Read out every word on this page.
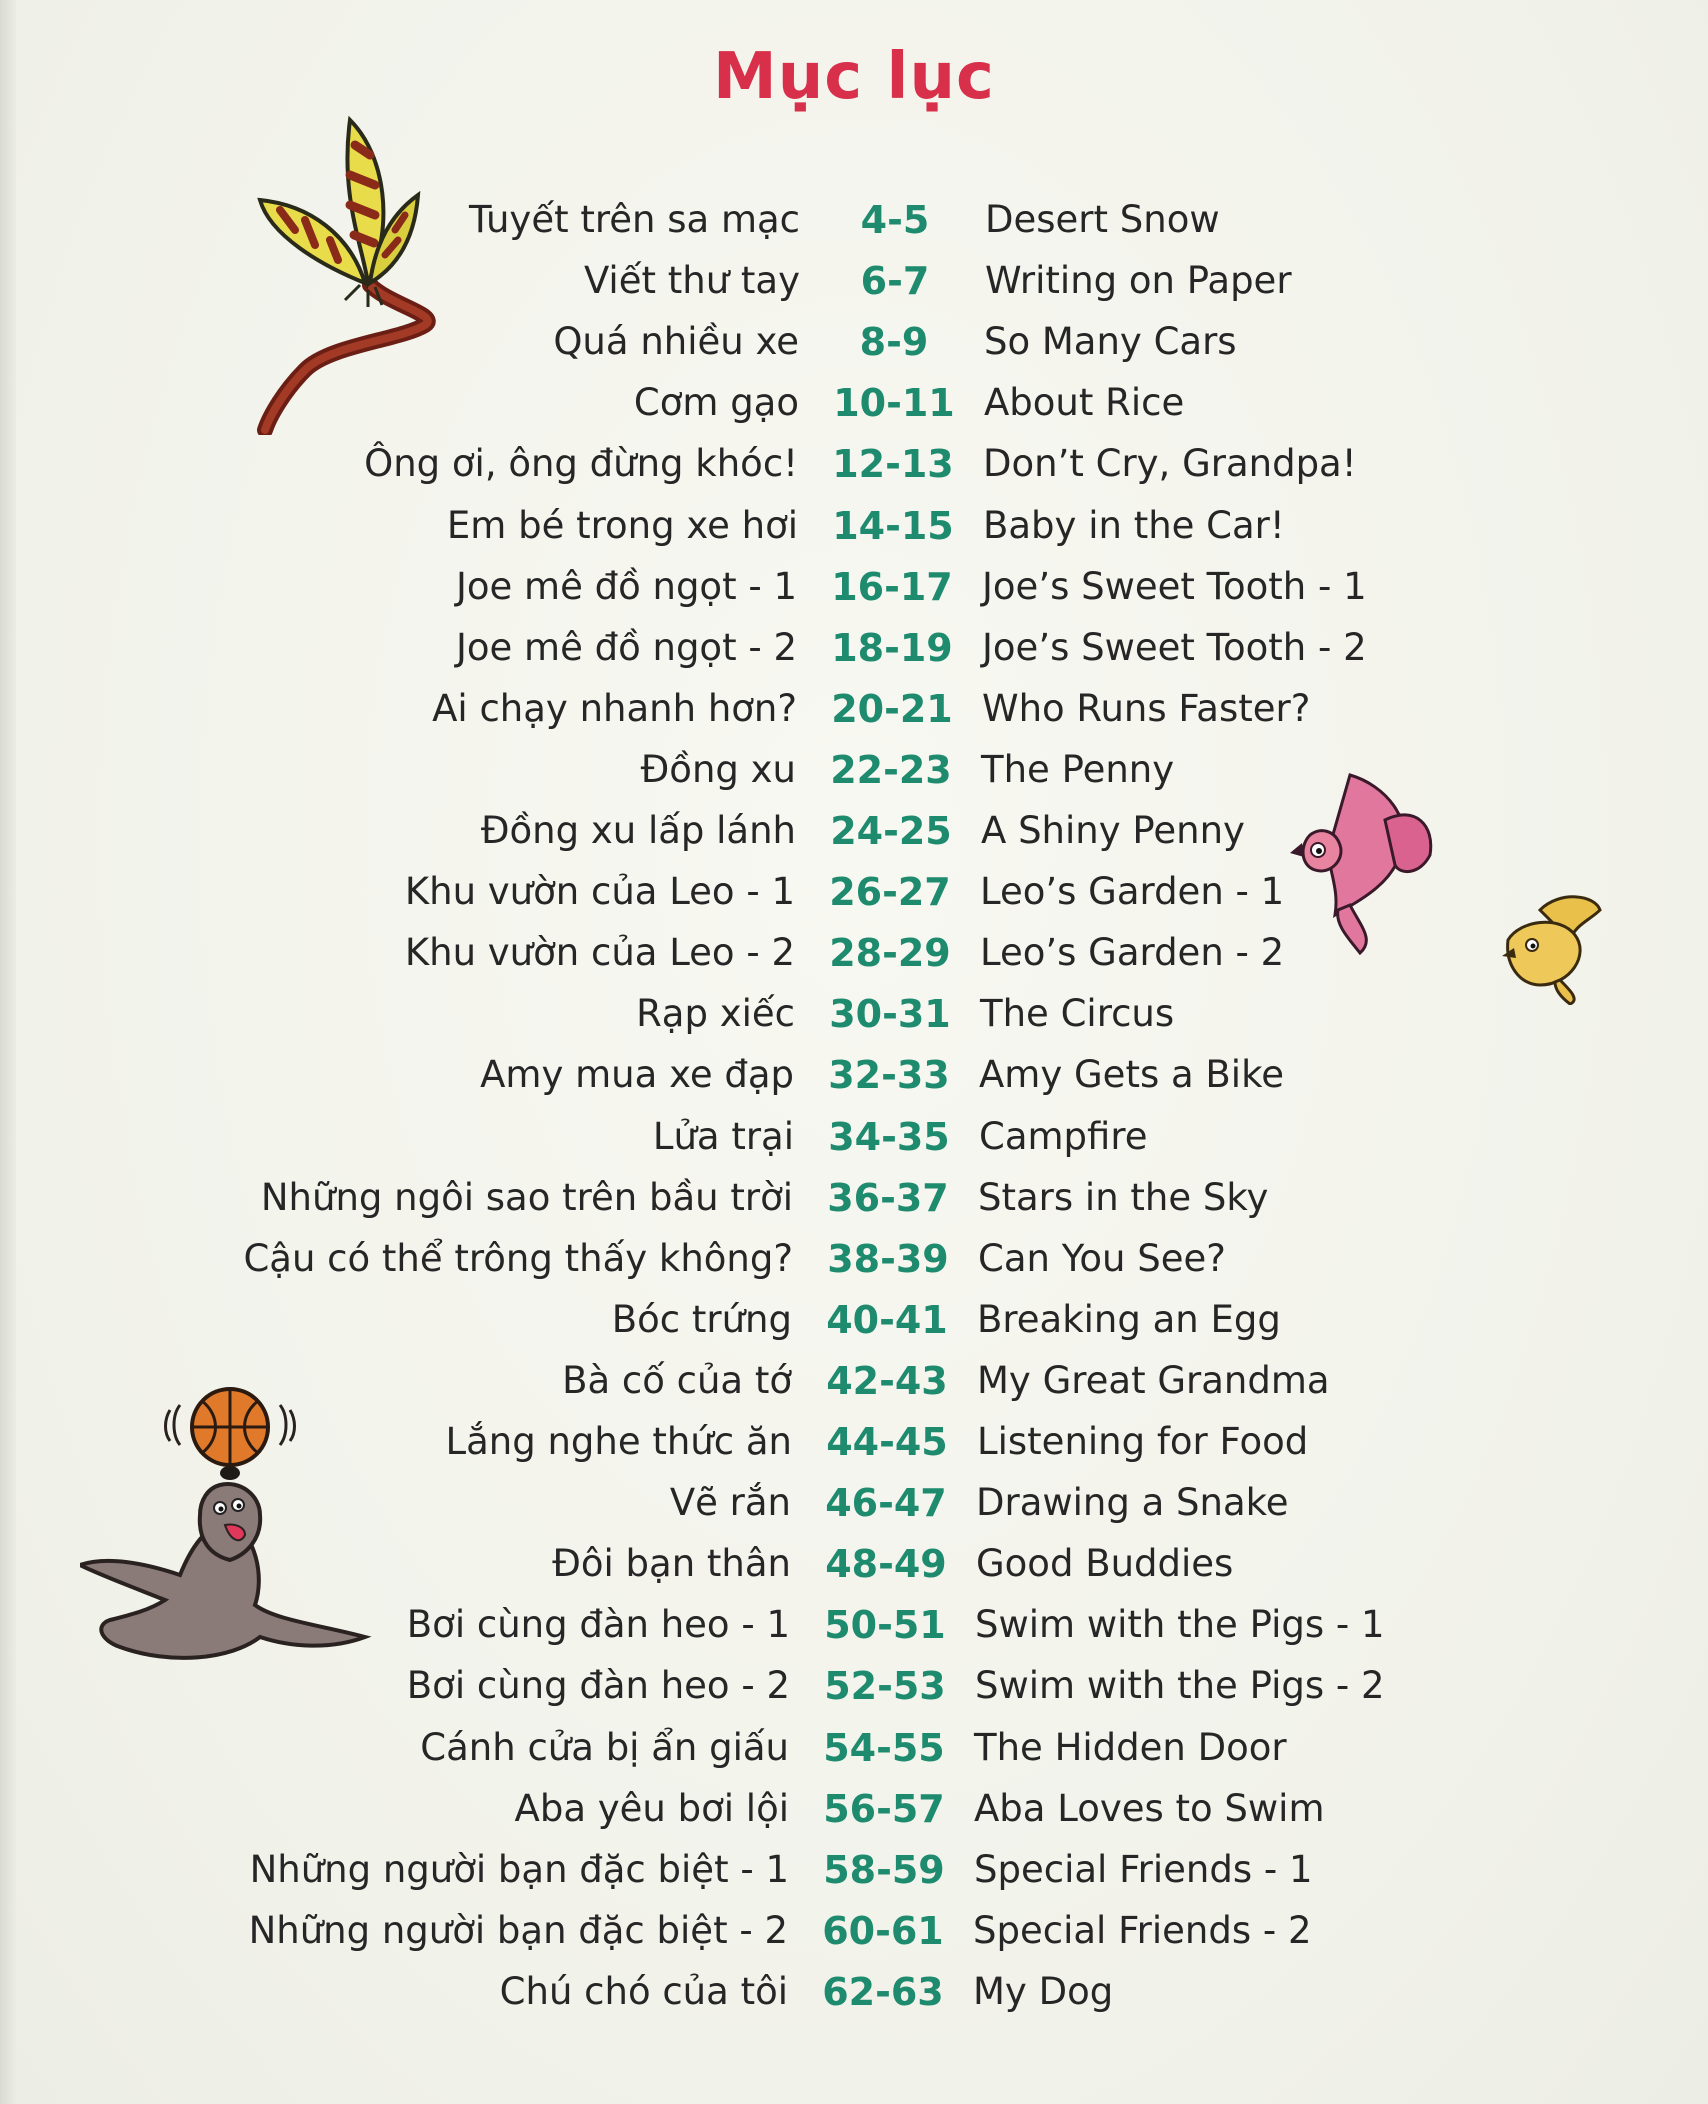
Mục lục
Tuyết trên sa mạc	4-5	Desert Snow
Viết thư tay	6-7	Writing on Paper
Quá nhiều xe	8-9	So Many Cars
Cơm gạo 10-11 About Rice
Ông ơi, ông đừng khóc! 12-13 Don’t Cry, Grandpa!
Em bé trong xe hơi 14-15 Baby in the Car!
Joe mê đồ ngọt - 1 16-17 Joe’s Sweet Tooth - 1
Joe mê đồ ngọt - 2 18-19 Joe’s Sweet Tooth - 2
Ai chạy nhanh hơn? 20-21 Who Runs Faster?
Đồng xu 22-23 The Penny
Đồng xu lấp lánh 24-25 A Shiny Penny
Khu vườn của Leo - 1 26-27 Leo’s Garden - 1
Khu vườn của Leo - 2 28-29 Leo’s Garden - 2
Rạp xiếc 30-31 The Circus
Amy mua xe đạp 32-33 Amy Gets a Bike
Lửa trại 34-35 Campfire
Những ngôi sao trên bầu trời 36-37 Stars in the Sky
Cậu có thể trông thấy không? 38-39 Can You See?
Bóc trứng 40-41 Breaking an Egg
Bà cố của tớ 42-43 My Great Grandma
Lắng nghe thức ăn 44-45 Listening for Food
Vẽ rắn 46-47 Drawing a Snake
Đôi bạn thân 48-49 Good Buddies
Bơi cùng đàn heo - 1 50-51 Swim with the Pigs - 1
Bơi cùng đàn heo - 2 52-53 Swim with the Pigs - 2
Cánh cửa bị ẩn giấu 54-55 The Hidden Door
Aba yêu bơi lội 56-57 Aba Loves to Swim
Những người bạn đặc biệt - 1 58-59 Special Friends - 1
Những người bạn đặc biệt - 2 60-61 Special Friends - 2
Chú chó của tôi 62-63 My Dog
